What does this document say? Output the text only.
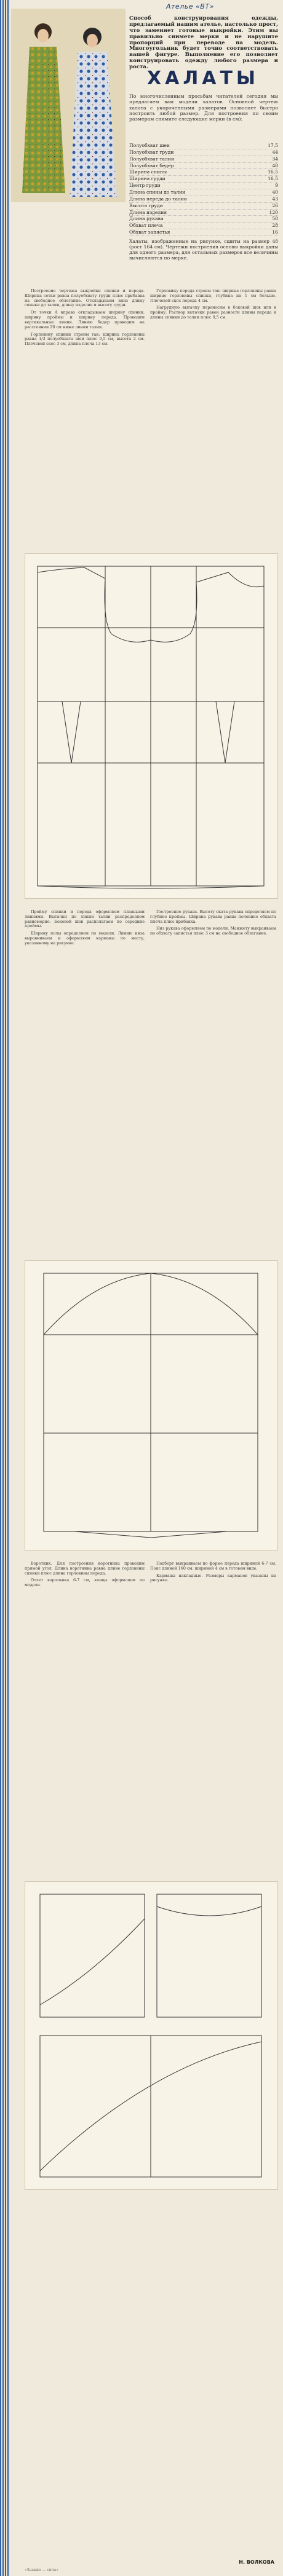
Ателье «ВТ»
Способ конструирования одежды, предлагаемый нашим ателье, настолько прост, что заменяет готовые выкройки. Этим вы правильно снимете мерки и не нарушите пропорций при переводе на модель. Многоугольник будет точно соответствовать вашей фигуре. Выполнение его позволяет конструировать одежду любого размера и роста.
ХАЛАТЫ
По многочисленным просьбам читателей сегодня мы предлагаем вам модели халатов. Основной чертеж халата с укороченными размерами позволяет быстро построить любой размер. Для построения по своим размерам снимите следующие мерки (в см):
Полуобхват шеи	17,5
Полуобхват груди	44
Полуобхват талии	34
Полуобхват бедер	48
Ширина спины	16,5
Ширина груди	16,5
Центр груди	9
Длина спины до талии	40
Длина переда до талии	43
Высота груди	26
Длина изделия	120
Длина рукава	58
Обхват плеча	28
Обхват запястья	16
Халаты, изображенные на рисунке, сшиты на размер 48 (рост 164 см). Чертежи построения основы выкройки даны для одного размера, для остальных размеров все величины вычисляются по мерке.

Построение чертежа выкройки спинки и переда. Ширина сетки равна полуобхвату груди плюс прибавка на свободное облегание. Откладываем вниз длину спинки до талии, длину изделия и высоту груди.

От точки А вправо откладываем ширину спинки, ширину проймы и ширину переда. Проводим вертикальные линии. Линию бедер проводим на расстоянии 20 см ниже линии талии.

Горловину спинки строим так: ширина горловины равна 1/3 полуобхвата шеи плюс 0,5 см, высота 2 см. Плечевой скос 3 см, длина плеча 13 см.

Горловину переда строим так: ширина горловины равна ширине горловины спинки, глубина на 1 см больше. Плечевой скос переда 4 см.

Нагрудную вытачку переносим в боковой шов или в пройму. Раствор вытачки равен разности длины переда и длины спинки до талии плюс 0,5 см.

Пройму спинки и переда оформляем плавными линиями. Вытачки по линии талии распределяем равномерно. Боковой шов располагаем по середине проймы.

Ширину полы определяем по модели. Линию низа выравниваем и оформляем карманы по месту, указанному на рисунке.

Построение рукава. Высоту оката рукава определяем по глубине проймы. Ширина рукава равна половине обхвата плеча плюс прибавка.

Низ рукава оформляем по модели. Манжету выкраиваем по обхвату запястья плюс 3 см на свободное облегание.

Воротник. Для построения воротника проводим прямой угол. Длина воротника равна длине горловины спинки плюс длина горловины переда.

Отлет воротника 6-7 см, концы оформляем по модели.

Подборт выкраиваем по форме переда шириной 6-7 см. Пояс длиной 160 см, шириной 4 см в готовом виде.

Карманы накладные. Размеры карманов указаны на рисунке.

Н. ВОЛКОВА
«Знание — сила»
